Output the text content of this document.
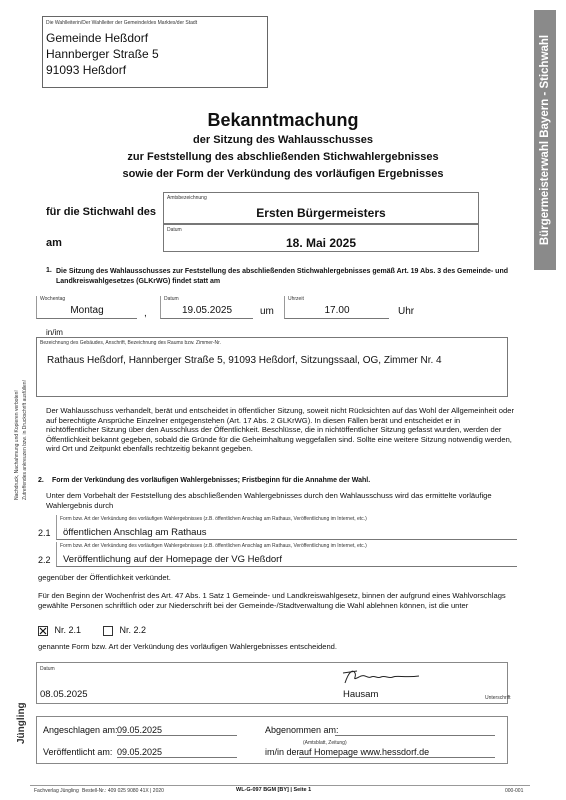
Die Wahlleiterin/Der Wahlleiter der Gemeinde/des Marktes/der Stadt
Gemeinde Heßdorf
Hannberger Straße 5
91093 Heßdorf	Bürgermeisterwahl Bayern - Stichwahl
Nachdruck, Nachahmung und Kopieren verboten! Zutreffendes ankreuzen bzw. in Druckschrift ausfüllen!
Jüngling
Bekanntmachung
der Sitzung des Wahlausschusses
zur Feststellung des abschließenden Stichwahlergebnisses
sowie der Form der Verkündung des vorläufigen Ergebnisses
für die Stichwahl des
Amtsbezeichnung
Ersten Bürgermeisters
am
Datum
18. Mai 2025
1. Die Sitzung des Wahlausschusses zur Feststellung des abschließenden Stichwahlergebnisses gemäß Art. 19 Abs. 3 des Gemeinde- und Landkreiswahlgesetzes (GLKrWG) findet statt am
Wochentag
Montag	,
Datum
19.05.2025	um
Uhrzeit
17.00	Uhr
in/im
Bezeichnung des Gebäudes, Anschrift, Bezeichnung des Raums bzw. Zimmer-Nr.
Rathaus Heßdorf, Hannberger Straße 5, 91093 Heßdorf, Sitzungssaal, OG, Zimmer Nr. 4
Der Wahlausschuss verhandelt, berät und entscheidet in öffentlicher Sitzung, soweit nicht Rücksichten auf das Wohl der Allgemeinheit oder auf berechtigte Ansprüche Einzelner entgegenstehen (Art. 17 Abs. 2 GLKrWG). In diesen Fällen berät und entscheidet er in nichtöffentlicher Sitzung über den Ausschluss der Öffentlichkeit. Beschlüsse, die in nichtöffentlicher Sitzung gefasst wurden, werden der Öffentlichkeit bekannt gegeben, sobald die Gründe für die Geheimhaltung weggefallen sind. Sollte eine weitere Sitzung notwendig werden, wird Ort und Zeitpunkt ebenfalls rechtzeitig bekannt gegeben.
2. Form der Verkündung des vorläufigen Wahlergebnisses; Fristbeginn für die Annahme der Wahl.
Unter dem Vorbehalt der Feststellung des abschließenden Wahlergebnisses durch den Wahlausschuss wird das ermittelte vorläufige Wahlergebnis durch
Form bzw. Art der Verkündung des vorläufigen Wahlergebnisses (z.B. öffentlichen Anschlag am Rathaus, Veröffentlichung im Internet, etc.)
öffentlichen Anschlag am Rathaus
2.1
Form bzw. Art der Verkündung des vorläufigen Wahlergebnisses (z.B. öffentlichen Anschlag am Rathaus, Veröffentlichung im Internet, etc.)
Veröffentlichung auf der Homepage der VG Heßdorf
2.2
gegenüber der Öffentlichkeit verkündet.
Für den Beginn der Wochenfrist des Art. 47 Abs. 1 Satz 1 Gemeinde- und Landkreiswahlgesetz, binnen der aufgrund eines Wahlvorschlags gewählte Personen schriftlich oder zur Niederschrift bei der Gemeinde-/Stadtverwaltung die Wahl ablehnen können, ist die unter
Nr. 2.1	Nr. 2.2
genannte Form bzw. Art der Verkündung des vorläufigen Wahlergebnisses entscheidend.
Datum
08.05.2025	Hausam	Unterschrift
Angeschlagen am: 09.05.2025
Veröffentlicht am: 09.05.2025
Abgenommen am:
(Amtsblatt, Zeitung)
im/in der auf Homepage www.hessdorf.de
Fachverlag Jüngling Bestell-Nr.: 409 025 9080 41X | 2020	WL-G-097 BGM [BY] | Seite 1	000-001
